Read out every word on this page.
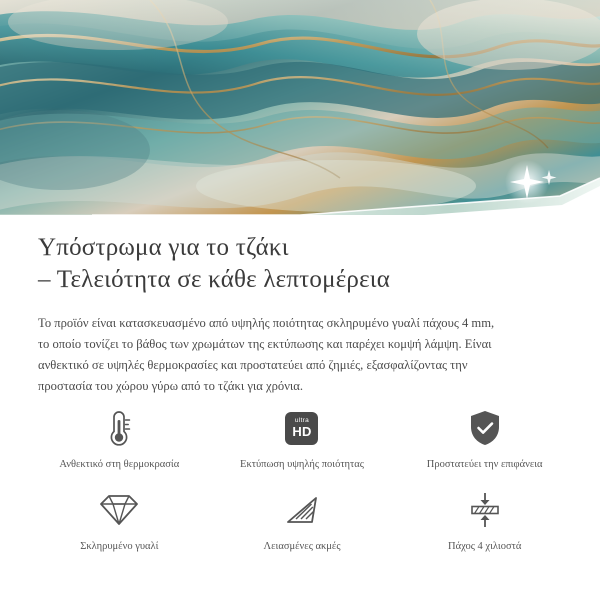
Υπόστρωμα για το τζάκι
– Τελειότητα σε κάθε λεπτομέρεια
Το προϊόν είναι κατασκευασμένο από υψηλής ποιότητας σκληρυμένο γυαλί πάχους 4 mm,
το οποίο τονίζει το βάθος των χρωμάτων της εκτύπωσης και παρέχει κομψή λάμψη. Είναι
ανθεκτικό σε υψηλές θερμοκρασίες και προστατεύει από ζημιές, εξασφαλίζοντας την
προστασία του χώρου γύρω από το τζάκι για χρόνια.
Ανθεκτικό στη θερμοκρασία
ultra
HD
Εκτύπωση υψηλής ποιότητας	Προστατεύει την επιφάνεια
Σκληρυμένο γυαλί	Λειασμένες ακμές	Πάχος 4 χιλιοστά
